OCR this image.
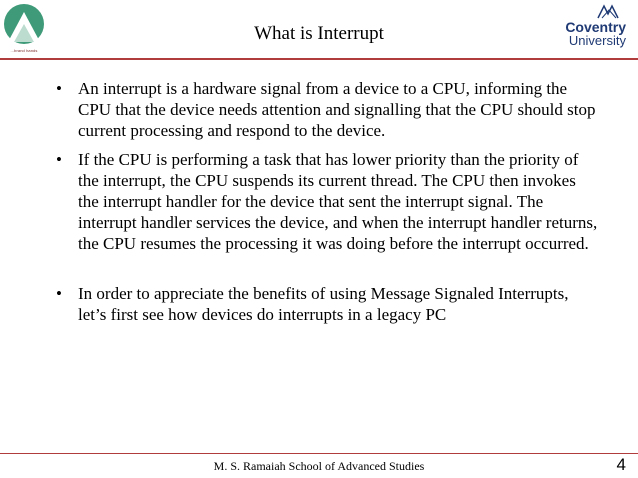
...brand hands
What is Interrupt	Coventry
University
• An interrupt is a hardware signal from a device to a CPU, informing the CPU that the device needs attention and signalling that the CPU should stop current processing and respond to the device.
• If the CPU is performing a task that has lower priority than the priority of the interrupt, the CPU suspends its current thread. The CPU then invokes the interrupt handler for the device that sent the interrupt signal. The interrupt handler services the device, and when the interrupt handler returns, the CPU resumes the processing it was doing before the interrupt occurred.
• In order to appreciate the benefits of using Message Signaled Interrupts, let’s first see how devices do interrupts in a legacy PC
M. S. Ramaiah School of Advanced Studies	4
